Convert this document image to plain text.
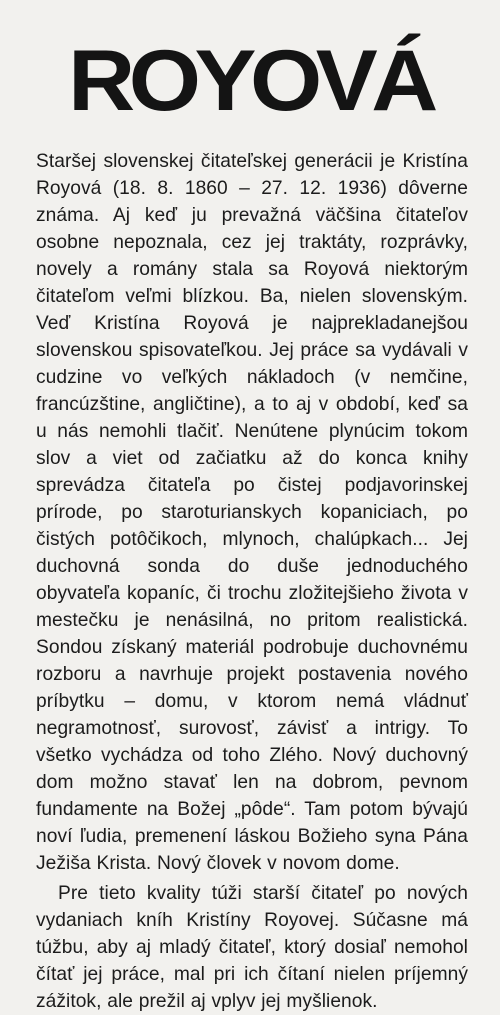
ROYOVÁ

Staršej slovenskej čitateľskej generácii je Kristína Royová (18. 8. 1860 – 27. 12. 1936) dôverne známa. Aj keď ju prevažná väčšina čitateľov osobne nepoznala, cez jej traktáty, rozprávky, novely a romány stala sa Royová niektorým čitateľom veľmi blízkou. Ba, nielen slovenským. Veď Kristína Royová je najprekladanejšou slovenskou spisovateľkou. Jej práce sa vydávali v cudzine vo veľkých nákladoch (v nemčine, francúzštine, angličtine), a to aj v období, keď sa u nás nemohli tlačiť. Nenútene plynúcim tokom slov a viet od začiatku až do konca knihy sprevádza čitateľa po čistej podjavorinskej prírode, po staroturianskych kopaniciach, po čistých potôčikoch, mlynoch, chalúpkach... Jej duchovná sonda do duše jednoduchého obyvateľa kopaníc, či trochu zložitejšieho života v mestečku je nenásilná, no pritom realistická. Sondou získaný materiál podrobuje duchovnému rozboru a navrhuje projekt postavenia nového príbytku – domu, v ktorom nemá vládnuť negramotnosť, surovosť, závisť a intrigy. To všetko vychádza od toho Zlého. Nový duchovný dom možno stavať len na dobrom, pevnom fundamente na Božej „pôde“. Tam potom bývajú noví ľudia, premenení láskou Božieho syna Pána Ježiša Krista. Nový človek v novom dome.

Pre tieto kvality túži starší čitateľ po nových vydaniach kníh Kristíny Royovej. Súčasne má túžbu, aby aj mladý čitateľ, ktorý dosiaľ nemohol čítať jej práce, mal pri ich čítaní nielen príjemný zážitok, ale prežil aj vplyv jej myšlienok.
